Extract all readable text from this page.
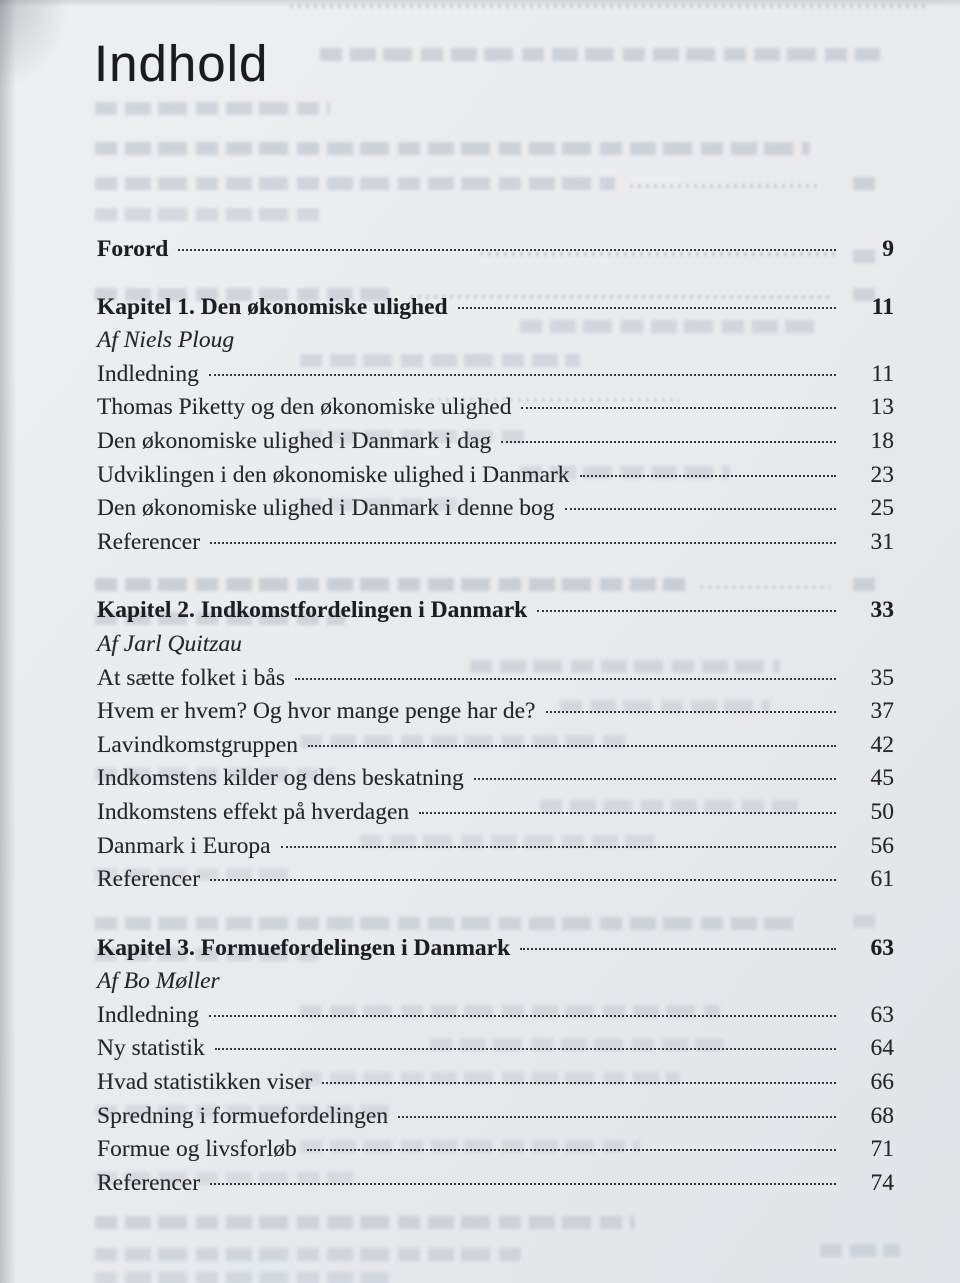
Indhold
Forord	9
Kapitel 1. Den økonomiske ulighed	11
Af Niels Ploug
Indledning	11
Thomas Piketty og den økonomiske ulighed	13
Den økonomiske ulighed i Danmark i dag	18
Udviklingen i den økonomiske ulighed i Danmark	23
Den økonomiske ulighed i Danmark i denne bog	25
Referencer	31
Kapitel 2. Indkomstfordelingen i Danmark	33
Af Jarl Quitzau
At sætte folket i bås	35
Hvem er hvem? Og hvor mange penge har de?	37
Lavindkomstgruppen	42
Indkomstens kilder og dens beskatning	45
Indkomstens effekt på hverdagen	50
Danmark i Europa	56
Referencer	61
Kapitel 3. Formuefordelingen i Danmark	63
Af Bo Møller
Indledning	63
Ny statistik	64
Hvad statistikken viser	66
Spredning i formuefordelingen	68
Formue og livsforløb	71
Referencer	74
